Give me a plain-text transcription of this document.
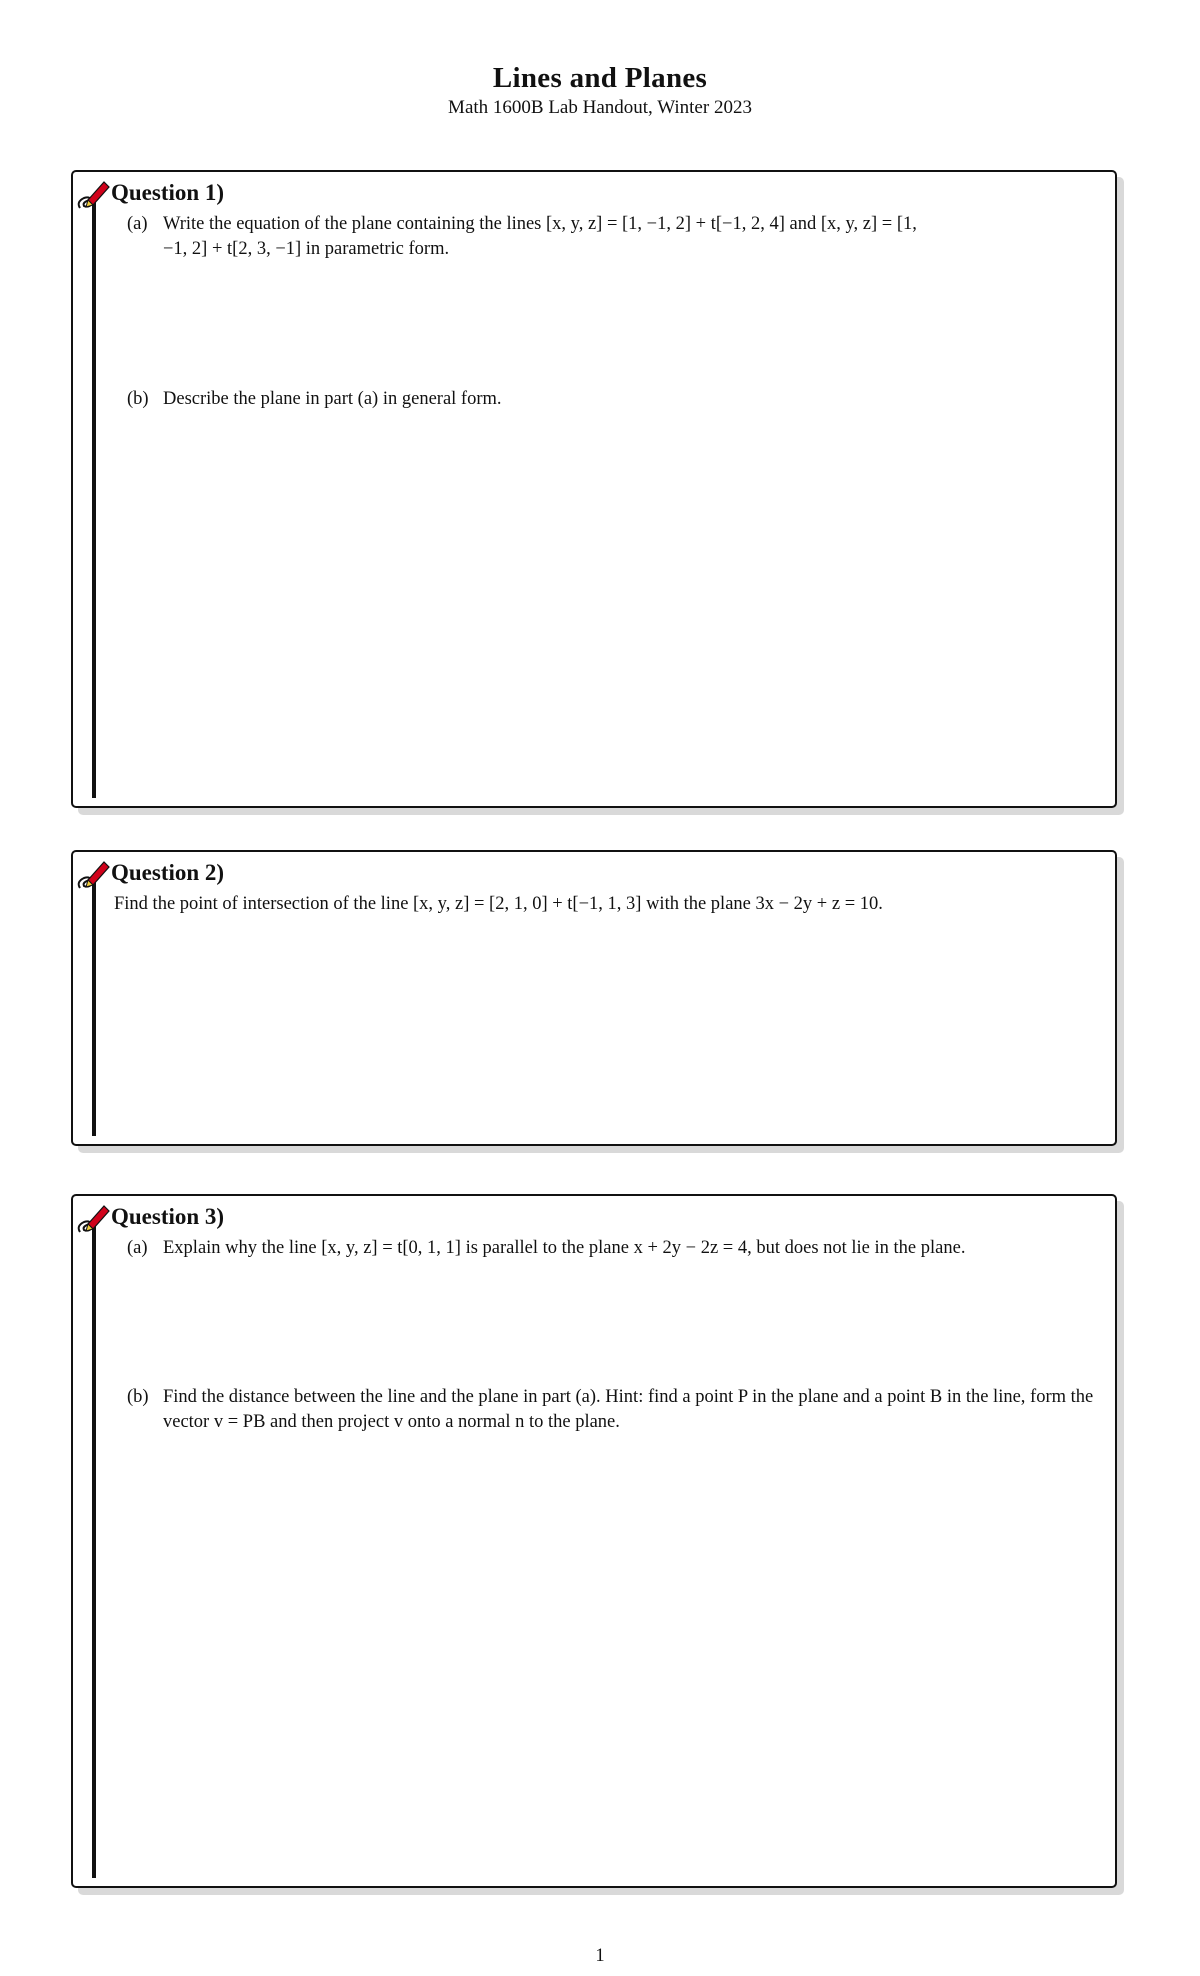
Lines and Planes
Math 1600B Lab Handout, Winter 2023
Question 1)
(a) Write the equation of the plane containing the lines [x, y, z] = [1, −1, 2] + t[−1, 2, 4] and [x, y, z] = [1, −1, 2] + t[2, 3, −1] in parametric form.
(b) Describe the plane in part (a) in general form.
Question 2)
Find the point of intersection of the line [x, y, z] = [2, 1, 0] + t[−1, 1, 3] with the plane 3x − 2y + z = 10.
Question 3)
(a) Explain why the line [x, y, z] = t[0, 1, 1] is parallel to the plane x + 2y − 2z = 4, but does not lie in the plane.
(b) Find the distance between the line and the plane in part (a). Hint: find a point P in the plane and a point B in the line, form the vector v = PB and then project v onto a normal n to the plane.
1
